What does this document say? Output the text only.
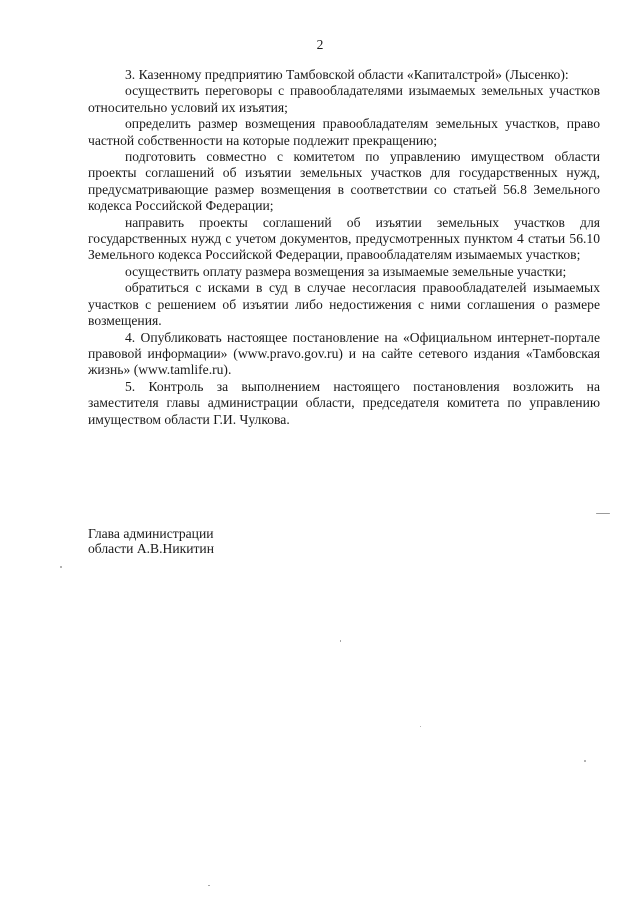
2

3. Казенному предприятию Тамбовской области «Капиталстрой» (Лысенко):

осуществить переговоры с правообладателями изымаемых земельных участков относительно условий их изъятия;

определить размер возмещения правообладателям земельных участков, право частной собственности на которые подлежит прекращению;

подготовить совместно с комитетом по управлению имуществом области проекты соглашений об изъятии земельных участков для государственных нужд, предусматривающие размер возмещения в соответствии со статьей 56.8 Земельного кодекса Российской Федерации;

направить проекты соглашений об изъятии земельных участков для государственных нужд с учетом документов, предусмотренных пунктом 4 статьи 56.10 Земельного кодекса Российской Федерации, правообладателям изымаемых участков;

осуществить оплату размера возмещения за изымаемые земельные участки;

обратиться с исками в суд в случае несогласия правообладателей изымаемых участков с решением об изъятии либо недостижения с ними соглашения о размере возмещения.

4. Опубликовать настоящее постановление на «Официальном интернет-портале правовой информации» (www.pravo.gov.ru) и на сайте сетевого издания «Тамбовская жизнь» (www.tamlife.ru).

5. Контроль за выполнением настоящего постановления возложить на заместителя главы администрации области, председателя комитета по управлению имуществом области Г.И. Чулкова.

Глава администрации
области А.В.Никитин
